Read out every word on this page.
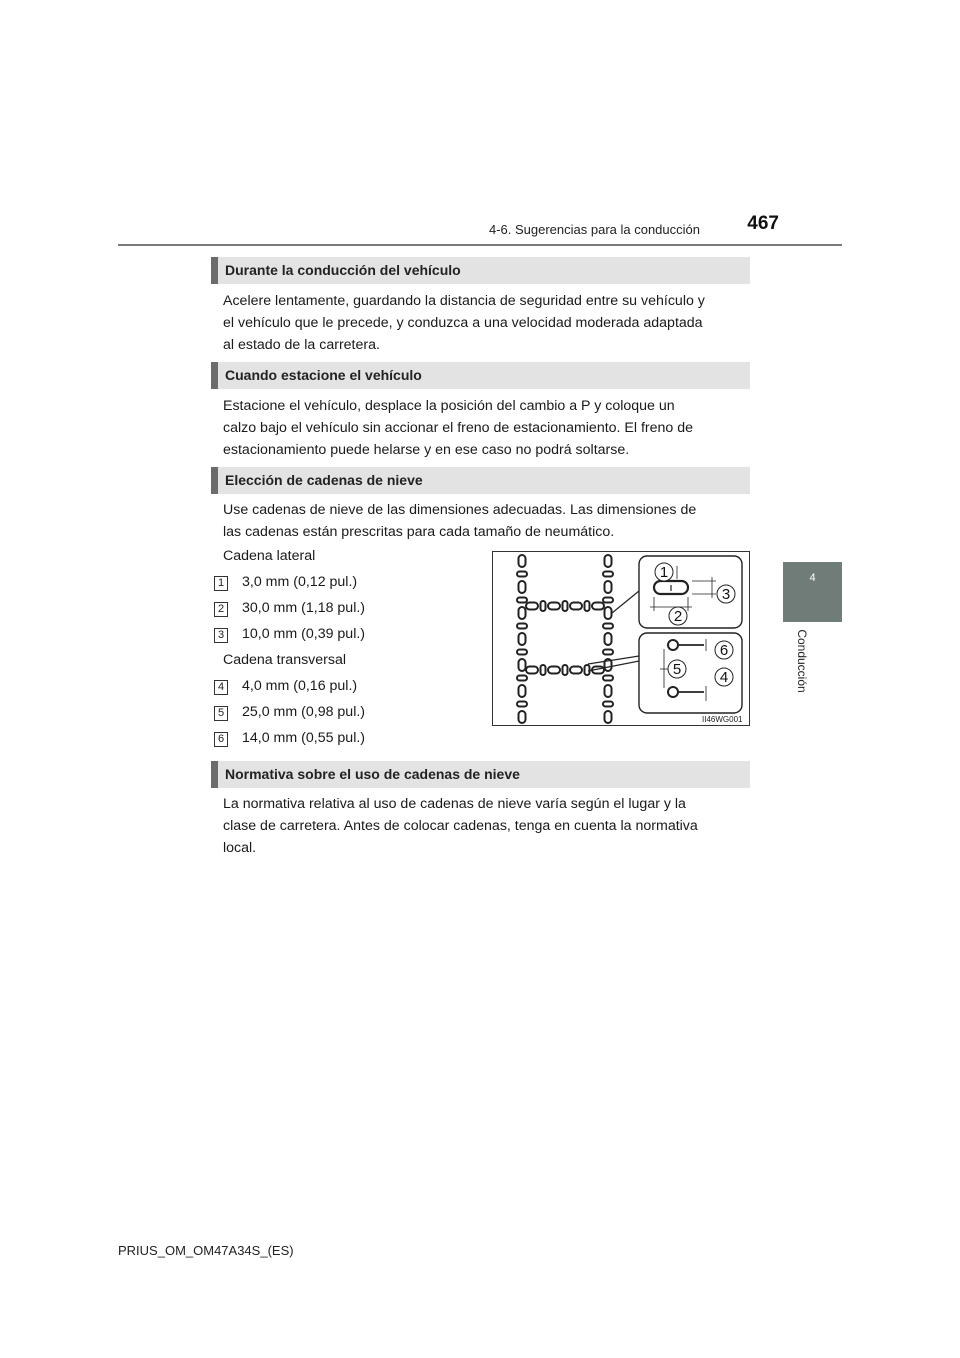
4-6. Sugerencias para la conducción	467
4
Conducción
Durante la conducción del vehículo
Acelere lentamente, guardando la distancia de seguridad entre su vehículo y
el vehículo que le precede, y conduzca a una velocidad moderada adaptada
al estado de la carretera.
Cuando estacione el vehículo
Estacione el vehículo, desplace la posición del cambio a P y coloque un
calzo bajo el vehículo sin accionar el freno de estacionamiento. El freno de
estacionamiento puede helarse y en ese caso no podrá soltarse.
Elección de cadenas de nieve
Use cadenas de nieve de las dimensiones adecuadas. Las dimensiones de
las cadenas están prescritas para cada tamaño de neumático.
Cadena lateral
1 3,0 mm (0,12 pul.)
2 30,0 mm (1,18 pul.)
3 10,0 mm (0,39 pul.)
Cadena transversal
4 4,0 mm (0,16 pul.)
5 25,0 mm (0,98 pul.)
6 14,0 mm (0,55 pul.)
1
2
3
4
5
6
II46WG001
Normativa sobre el uso de cadenas de nieve
La normativa relativa al uso de cadenas de nieve varía según el lugar y la
clase de carretera. Antes de colocar cadenas, tenga en cuenta la normativa
local.
PRIUS_OM_OM47A34S_(ES)
